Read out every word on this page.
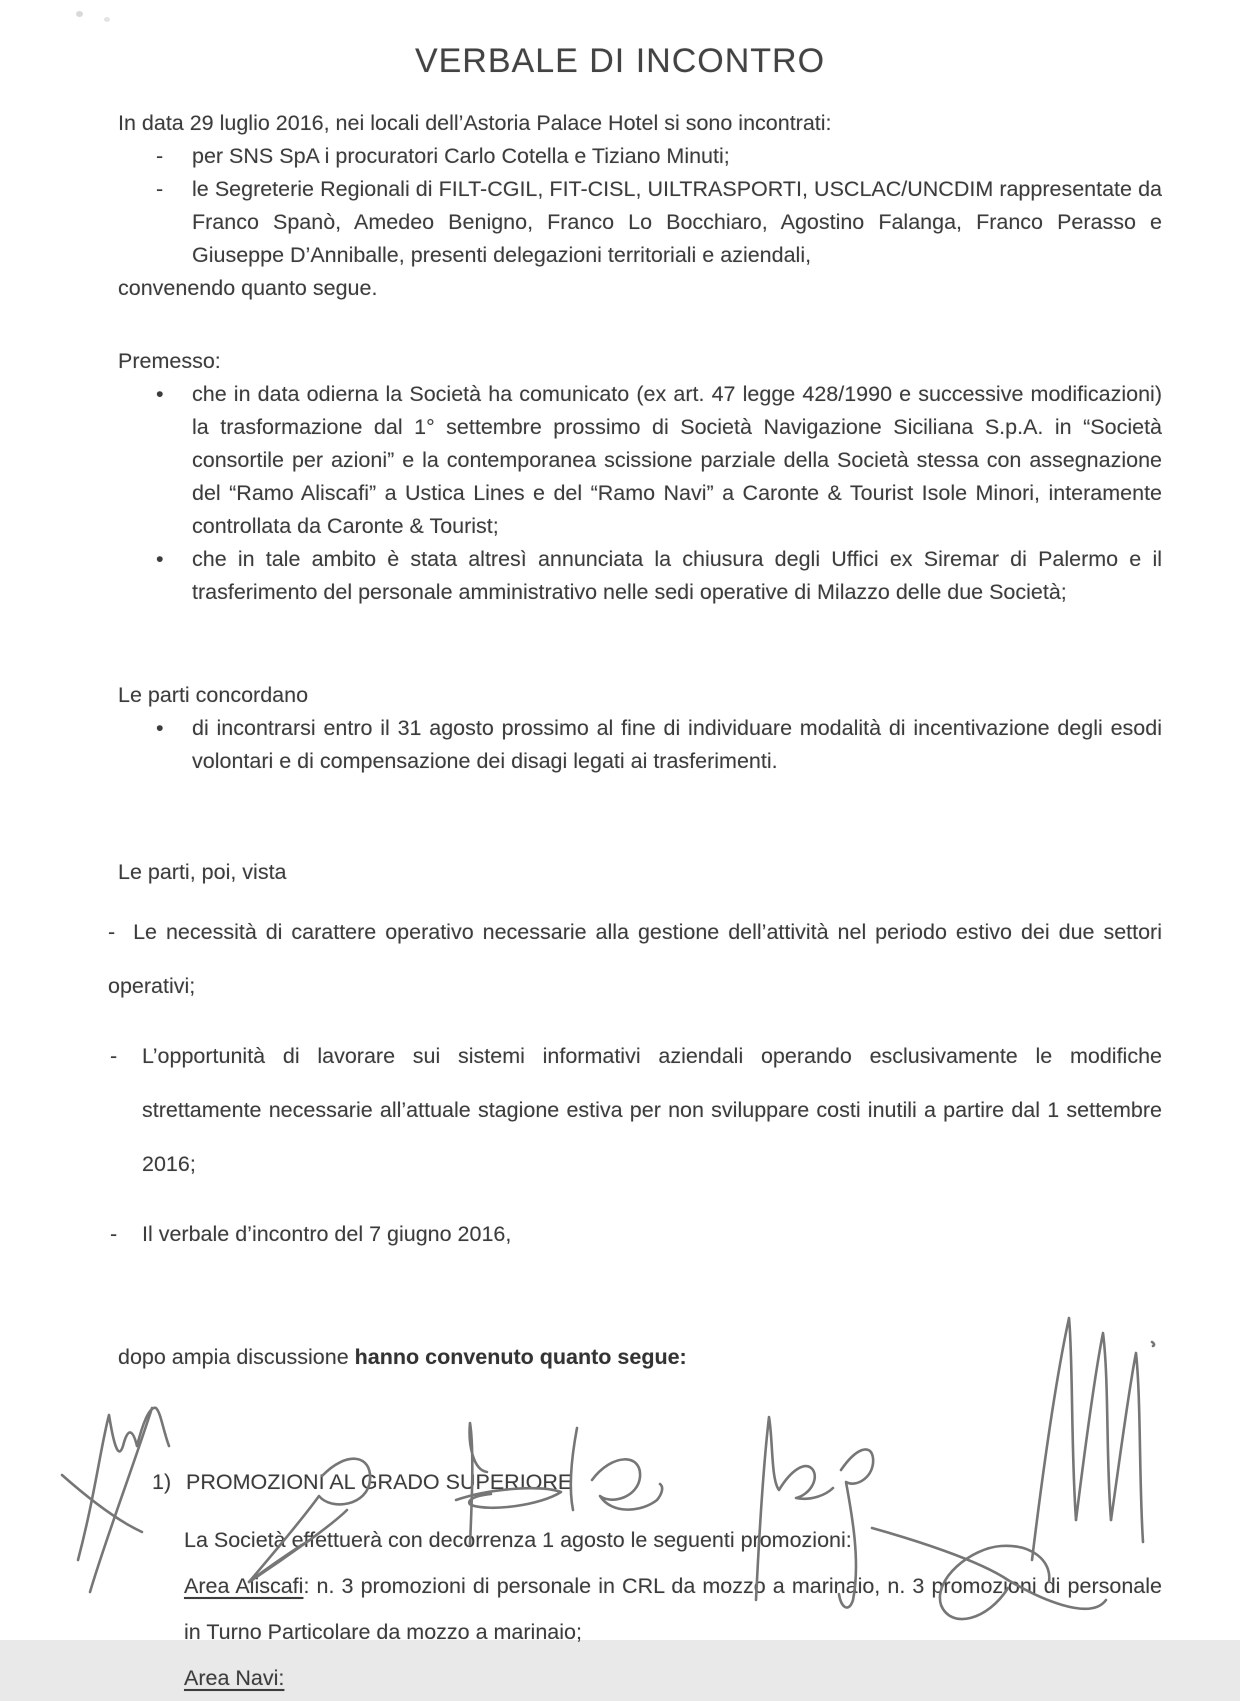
VERBALE DI INCONTRO

In data 29 luglio 2016, nei locali dell’Astoria Palace Hotel si sono incontrati:

-	per SNS SpA i procuratori Carlo Cotella e Tiziano Minuti;
-	le Segreterie Regionali di FILT-CGIL, FIT-CISL, UILTRASPORTI, USCLAC/UNCDIM rappresentate da Franco Spanò, Amedeo Benigno, Franco Lo Bocchiaro, Agostino Falanga, Franco Perasso e Giuseppe D’Anniballe, presenti delegazioni territoriali e aziendali,

convenendo quanto segue.

Premesso:

•	che in data odierna la Società ha comunicato (ex art. 47 legge 428/1990 e successive modificazioni) la trasformazione dal 1° settembre prossimo di Società Navigazione Siciliana S.p.A. in “Società consortile per azioni” e la contemporanea scissione parziale della Società stessa con assegnazione del “Ramo Aliscafi” a Ustica Lines e del “Ramo Navi” a Caronte & Tourist Isole Minori, interamente controllata da Caronte & Tourist;
•	che in tale ambito è stata altresì annunciata la chiusura degli Uffici ex Siremar di Palermo e il trasferimento del personale amministrativo nelle sedi operative di Milazzo delle due Società;

Le parti concordano

•	di incontrarsi entro il 31 agosto prossimo al fine di individuare modalità di incentivazione degli esodi volontari e di compensazione dei disagi legati ai trasferimenti.

Le parti, poi, vista

- Le necessità di carattere operativo necessarie alla gestione dell’attività nel periodo estivo dei due settori operativi;

-	L’opportunità di lavorare sui sistemi informativi aziendali operando esclusivamente le modifiche strettamente necessarie all’attuale stagione estiva per non sviluppare costi inutili a partire dal 1 settembre 2016;
-	Il verbale d’incontro del 7 giugno 2016,

dopo ampia discussione hanno convenuto quanto segue:

1) PROMOZIONI AL GRADO SUPERIORE

La Società effettuerà con decorrenza 1 agosto le seguenti promozioni:

Area Aliscafi: n. 3 promozioni di personale in CRL da mozzo a marinaio, n. 3 promozioni di personale in Turno Particolare da mozzo a marinaio;

Area Navi:
